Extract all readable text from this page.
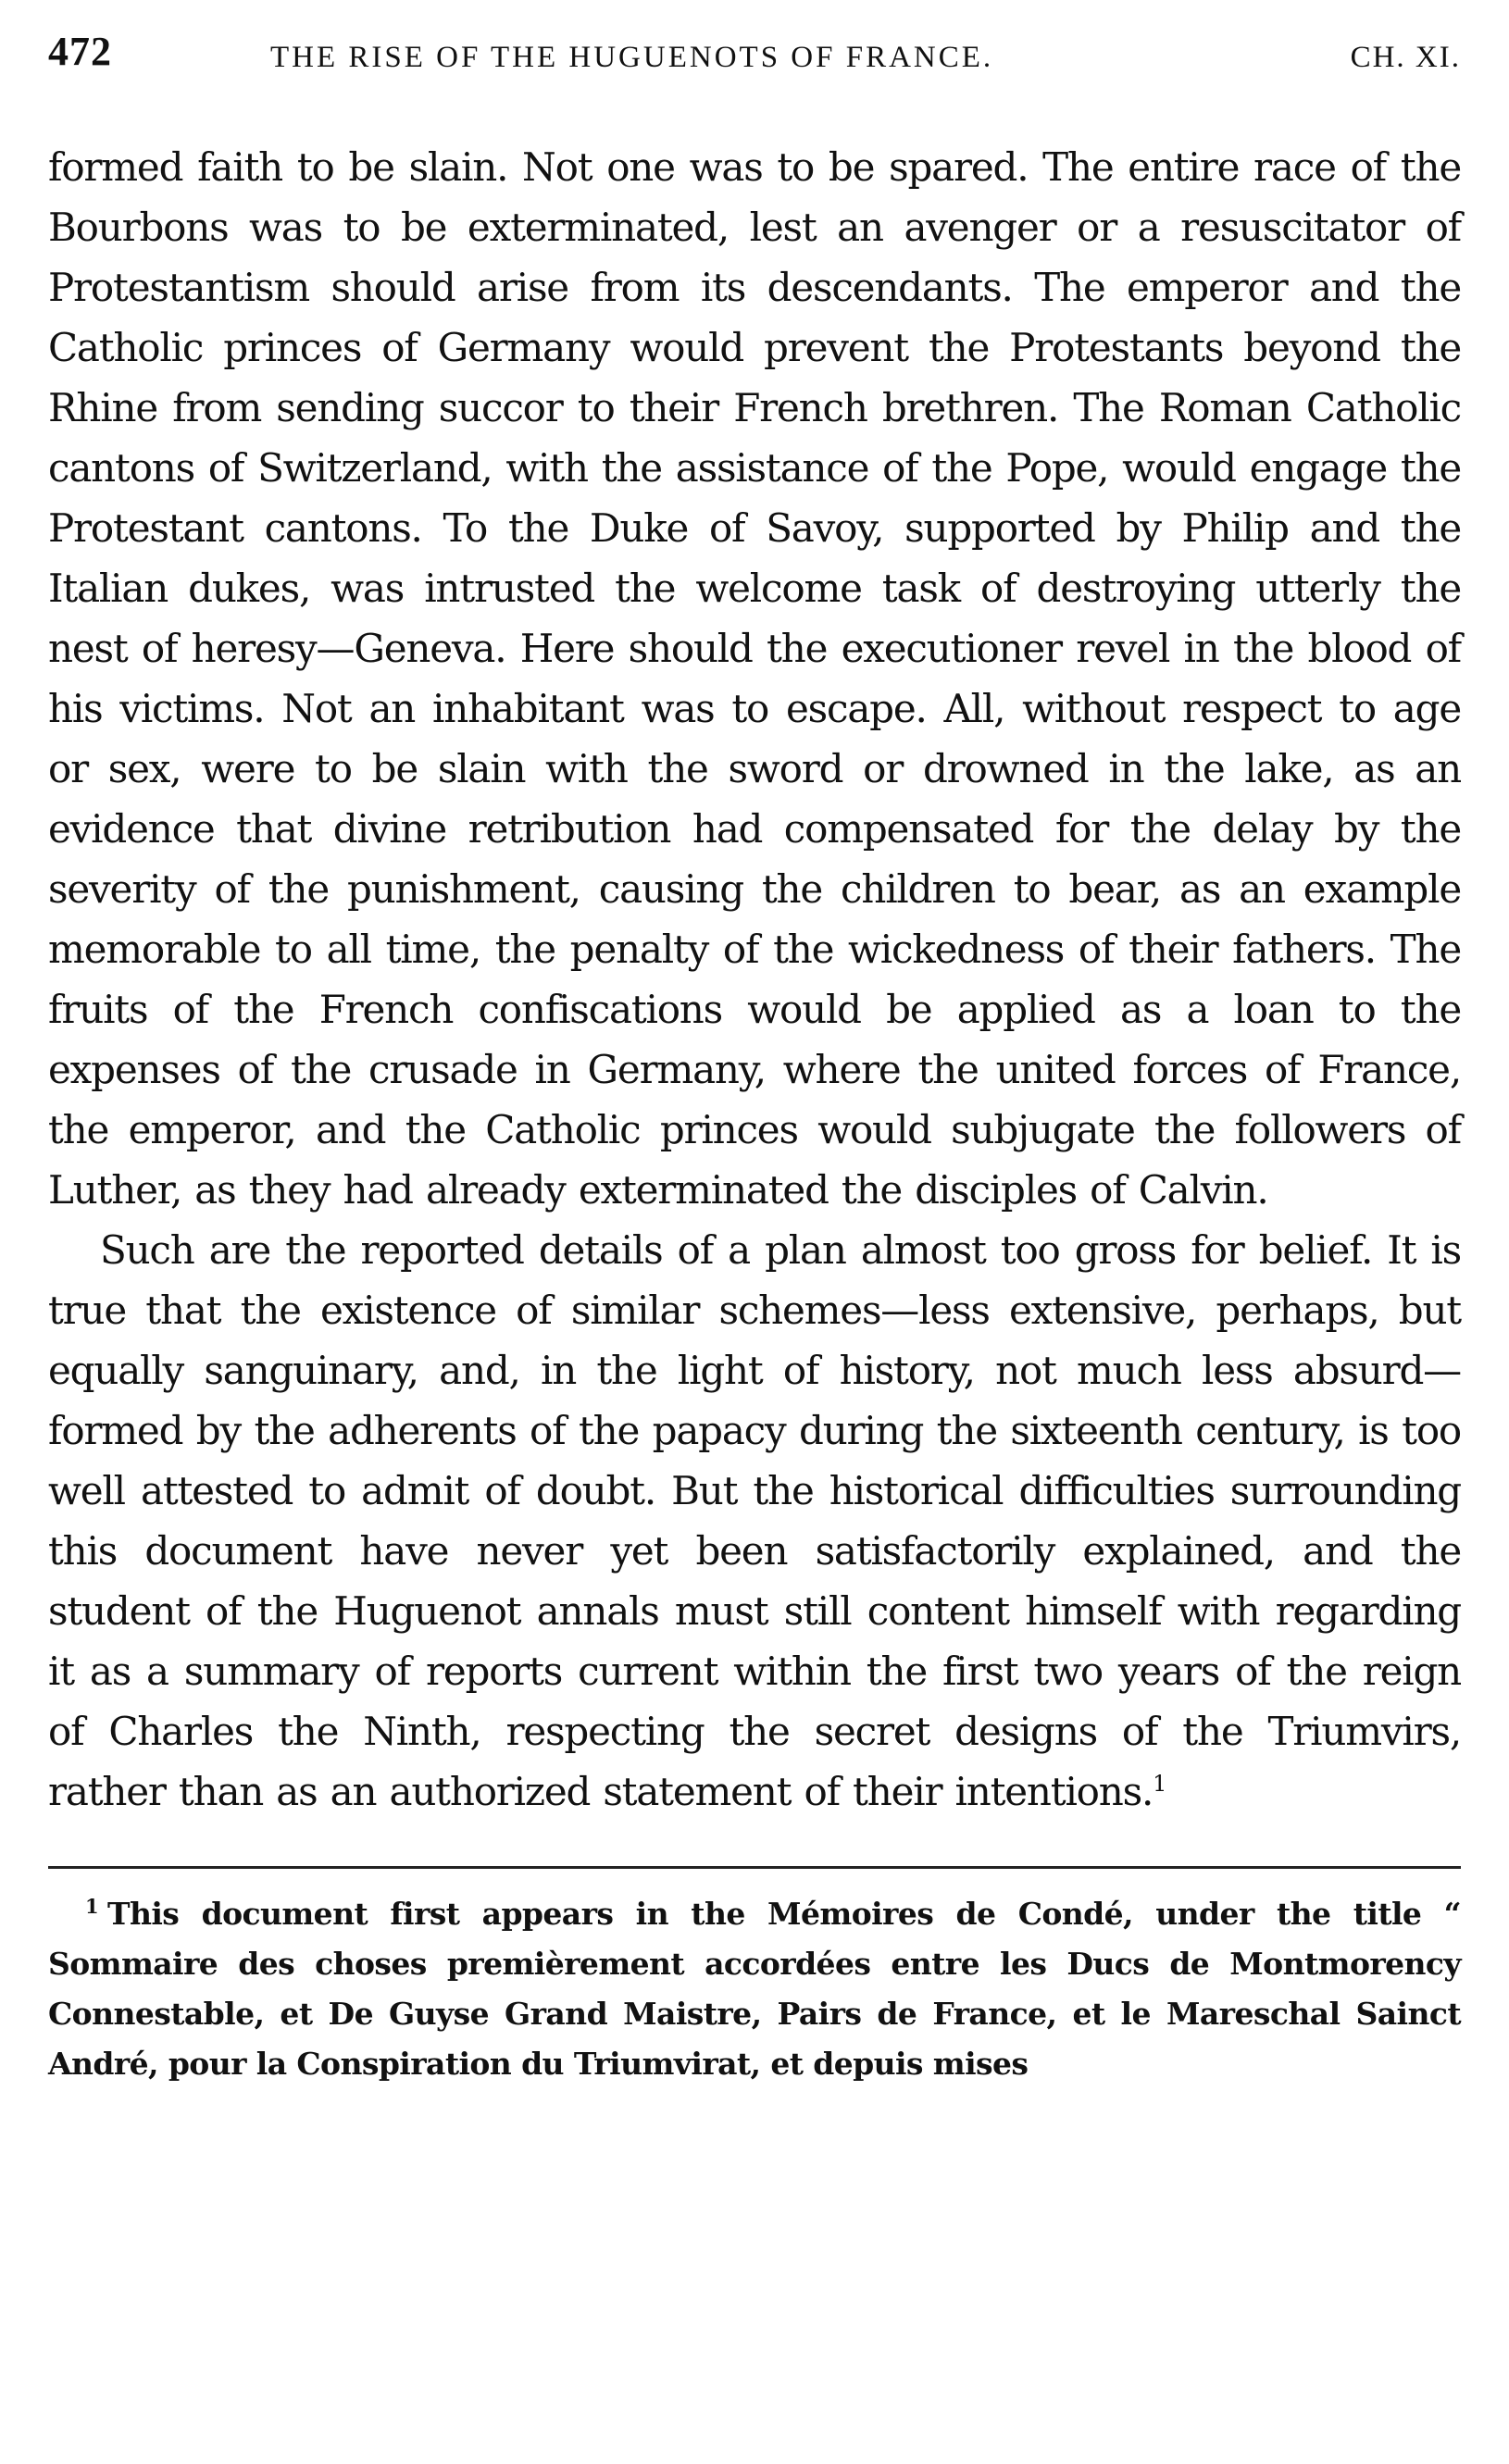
472	THE RISE OF THE HUGUENOTS OF FRANCE.	CH. XI.

formed faith to be slain. Not one was to be spared. The entire race of the Bourbons was to be exterminated, lest an avenger or a resuscitator of Protestantism should arise from its descendants. The emperor and the Catholic princes of Germany would prevent the Protestants beyond the Rhine from sending succor to their French brethren. The Roman Catholic cantons of Switzerland, with the assistance of the Pope, would engage the Protestant cantons. To the Duke of Savoy, supported by Philip and the Italian dukes, was intrusted the welcome task of destroying utterly the nest of heresy—Geneva. Here should the executioner revel in the blood of his victims. Not an inhabitant was to escape. All, without respect to age or sex, were to be slain with the sword or drowned in the lake, as an evidence that divine retribution had compensated for the delay by the severity of the punishment, causing the children to bear, as an example memorable to all time, the penalty of the wickedness of their fathers. The fruits of the French confiscations would be applied as a loan to the expenses of the crusade in Germany, where the united forces of France, the emperor, and the Catholic princes would subjugate the followers of Luther, as they had already exterminated the disciples of Calvin.

Such are the reported details of a plan almost too gross for belief. It is true that the existence of similar schemes—less extensive, perhaps, but equally sanguinary, and, in the light of history, not much less absurd—formed by the adherents of the papacy during the sixteenth century, is too well attested to admit of doubt. But the historical difficulties surrounding this document have never yet been satisfactorily explained, and the student of the Huguenot annals must still content himself with regarding it as a summary of reports current within the first two years of the reign of Charles the Ninth, respecting the secret designs of the Triumvirs, rather than as an authorized statement of their intentions.$^1$

$^1$ This document first appears in the Mémoires de Condé, under the title “ Sommaire des choses premièrement accordées entre les Ducs de Montmorency Connestable, et De Guyse Grand Maistre, Pairs de France, et le Mareschal Sainct André, pour la Conspiration du Triumvirat, et depuis mises
